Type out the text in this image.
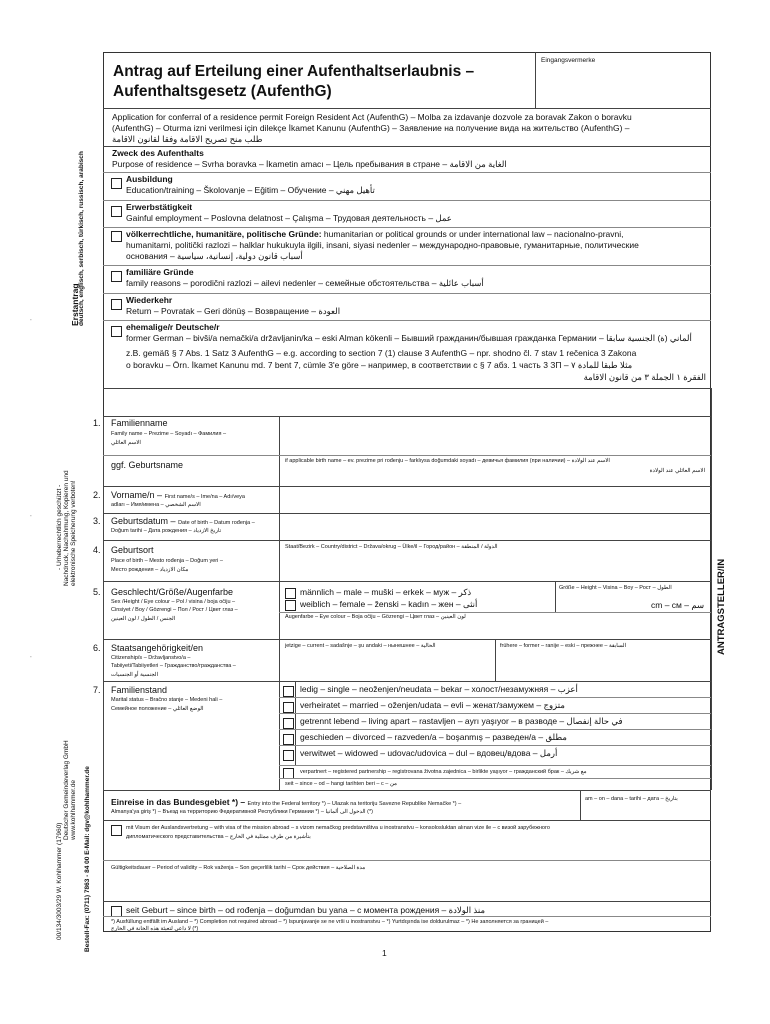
˙
˙
˙
Erstantrag
deutsch, englisch, serbisch, türkisch, russisch, arabisch
- Urheberrechtlich geschützt - Nachdruck, Nachahmung, Kopieren und elektronische Speicherung verboten!
00/134/3003/29 W. Kohlhammer (17960)
Deutscher Gemeindeverlag GmbH www.kohlhammer.de Bestell-Fax: (0711) 7863 - 84 00 E-Mail: dgv@kohlhammer.de
Antrag auf Erteilung einer Aufenthaltserlaubnis –
Aufenthaltsgesetz (AufenthG)
Eingangsvermerke
Application for conferral of a residence permit Foreign Resident Act (AufenthG) – Molba za izdavanje dozvole za boravak Zakon o boravku
(AufenthG) – Oturma izni verilmesi için dilekçe İkamet Kanunu (AufenthG) – Заявление на получение вида на жительство (AufenthG) –
طلب منح تصريح الاقامة وفقا لقانون الاقامة
Zweck des Aufenthalts
Purpose of residence – Svrha boravka – İkametin amacı – Цель пребывания в стране – الغاية من الاقامة
Ausbildung
Education/training – Školovanje – Eğitim – Обучение – تأهيل مهني
Erwerbstätigkeit
Gainful employment – Poslovna delatnost – Çalışma – Трудовая деятельность – عمل
völkerrechtliche, humanitäre, politische Gründe: humanitarian or political grounds or under international law – nacionalno-pravni,
humanitarni, politički razlozi – halklar hukukuyla ilgili, insani, siyasi nedenler – международно-правовые, гуманитарные, политические
основания – أسباب قانون دولية، إنسانية، سياسية
familiäre Gründe
family reasons – porodični razlozi – ailevi nedenler – семейные обстоятельства – أسباب عائلية
Wiederkehr
Return – Povratak – Geri dönüş – Возвращение – العودة
ehemalige/r Deutsche/r
former German – bivši/a nemački/a državljanin/ka – eski Alman kökenli – Бывший гражданин/бывшая гражданка Германии – ألماني (ة) الجنسية سابقا
z.B. gemäß § 7 Abs. 1 Satz 3 AufenthG – e.g. according to section 7 (1) clause 3 AufenthG – npr. shodno čl. 7 stav 1 rečenica 3 Zakona
o boravku – Örn. İkamet Kanunu md. 7 bent 7, cümle 3'e göre – например, в соответствии с § 7 абз. 1 часть 3 ЗП – مثلا طبقا للمادة ٧
الفقرة ١ الجملة ٣ من قانون الاقامة
ANTRAGSTELLER/IN
1. Familienname
Family name – Prezime – Soyadı – Фамилия –
الاسم العائلي
ggf. Geburtsname	if applicable birth name – ev. prezime pri rođenju – farklıysa doğumdaki soyadı – девичья фамилия (при наличии) – الاسم عند الولادة
الاسم العائلي عند الولادة
2. Vorname/n – First name/s – Ime/na – Adı/veya
adları – Имя/имена – الاسم الشخصي
3. Geburtsdatum – Date of birth – Datum rođenja –
Doğum tarihi – Дата рождения – تاريخ الازدياد
4. Geburtsort
Place of birth – Mesto rođenja – Doğum yeri –
Место рождения – مكان الازدياد
Staat/Bezirk – Country/district – Država/okrug – Ülke/il – Город/район – الدولة / المنطقة
5. Geschlecht/Größe/Augenfarbe
Sex /Height / Eye colour – Pol / visina / boja očiju –
Cinsiyet / Boy / Gözrengi – Пол / Рост / Цвет глаз –
الجنس / الطول / لون العينين
männlich – male – muški – erkek – муж – ذكر
weiblich – female – ženski – kadın – жен – أنثى
Größe – Height – Visina – Boy – Рост – الطول
cm – см – سم
Augenfarbe – Eye colour – Boja očiju – Gözrengi – Цвет глаз – لون العينين
6. Staatsangehörigkeit/en
Citizenship/s – Državljanstvo/a –
Tabiiyeti/Tabiiyetleri – Гражданство/гражданства –
الجنسية أو الجنسيات
jetzige – current – sadašnje – şu andaki – нынешнее – الحالية	frühere – former – ranije – eski – прежнее – السابقة
7. Familienstand
Marital status – Bračno stanje – Medeni hali –
Семейное положение – الوضع العائلي
ledig – single – neoženjen/neudata – bekar – холост/незамужняя – أعزب
verheiratet – married – oženjen/udata – evli – женат/замужем – متزوج
getrennt lebend – living apart – rastavljen – ayrı yaşıyor – в разводе – في حالة إنفصال
geschieden – divorced – razveden/a – boşanmış – разведен/а – مطلق
verwitwet – widowed – udovac/udovica – dul – вдовец/вдова – أرمل
verpartnert – registered partnership – registrovana životna zajednica – birlikte yaşıyor – гражданский брак – مع شريك
seit – since – od – hangi tarihten beri – с – من
Einreise in das Bundesgebiet *) – Entry into the Federal territory *) – Ulazak na teritoriju Savezne Republike Nemačke *) –
Almanya'ya giriş *) – Въезд на территорию Федеративной Республики Германии *) – الدخول الى ألمانيا (*)
am – on – dana – tarihi – дата – بتاريخ
mit Visum der Auslandsvertretung – with visa of the mission abroad – s vizom nemačkog predstavništva u inostranstvu – konsolosluktan alınan vize ile – с визой зарубежного
дипломатического представительства – بتأشيرة من طرف ممثلية في الخارج
Gültigkeitsdauer – Period of validity – Rok važenja – Son geçerlilik tarihi – Срок действия – مدة الصلاحية
seit Geburt – since birth – od rođenja – doğumdan bu yana – с момента рождения – منذ الولادة
*) Ausfüllung entfällt im Ausland – *) Completion not required abroad – *) Ispunjavanje se ne vrši u inostranstvu – *) Yurtdışında ise doldurulmaz – *) Не заполняется за границей –
لا داعي لتعبئة هذه الخانة في الخارج (*)
1
